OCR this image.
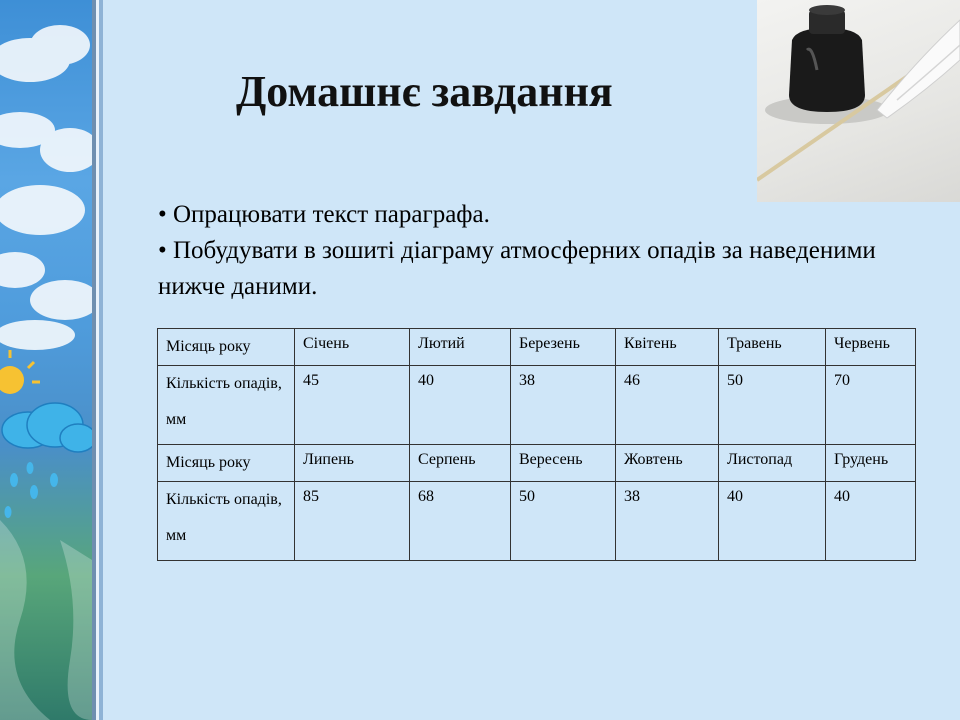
Домашнє завдання

• Опрацювати текст параграфа.

• Побудувати в зошиті діаграму атмосферних опадів за наведеними нижче даними.

Місяць року	Січень	Лютий	Березень	Квітень	Травень	Червень
Кількість опадів, мм	45	40	38	46	50	70
Місяць року	Липень	Серпень	Вересень	Жовтень	Листопад	Грудень
Кількість опадів, мм	85	68	50	38	40	40
